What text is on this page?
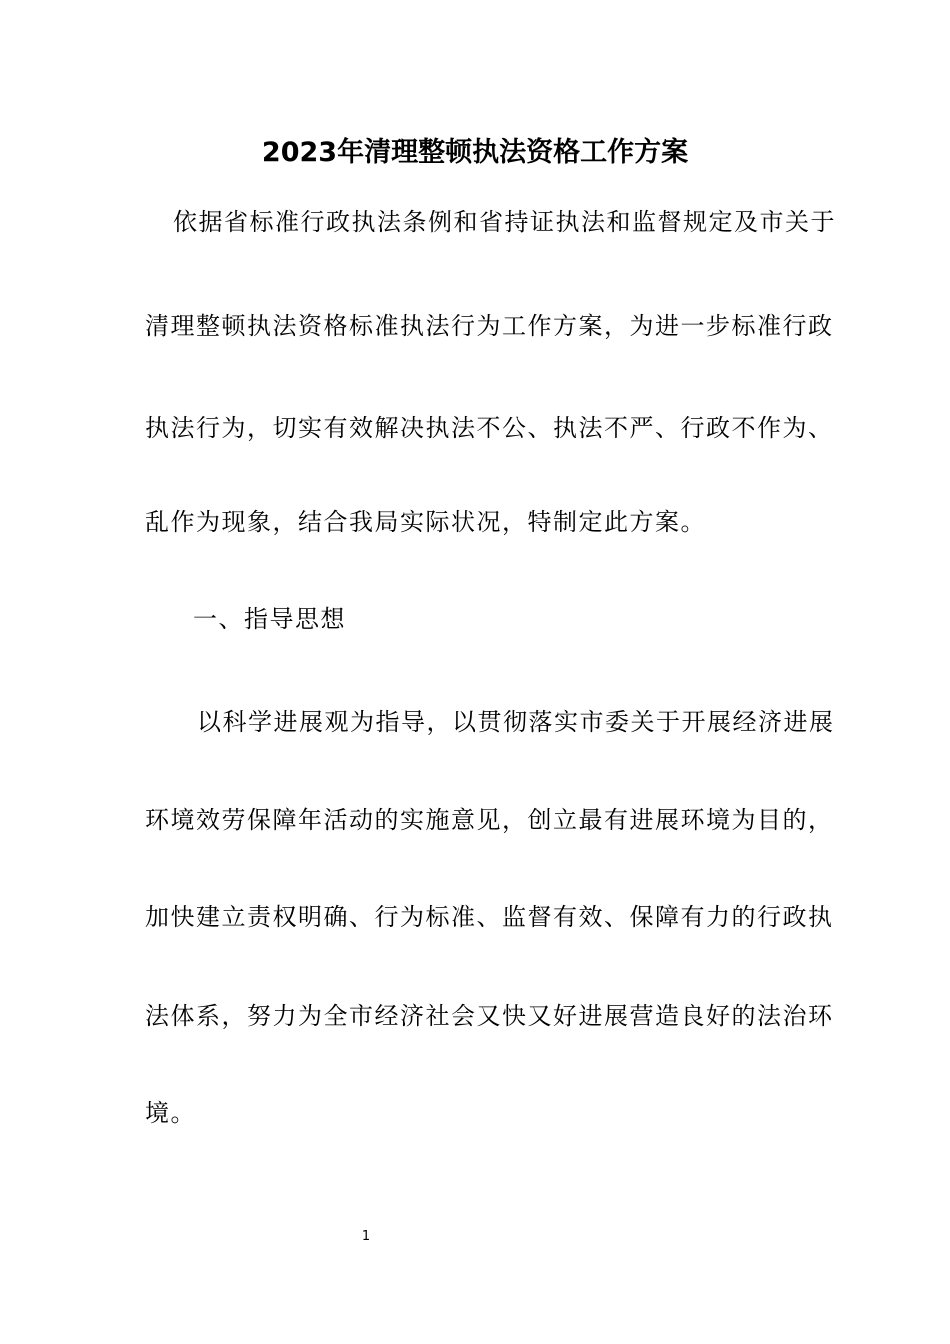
2023年清理整顿执法资格工作方案
依据省标准行政执法条例和省持证执法和监督规定及市关于
清理整顿执法资格标准执法行为工作方案，为进一步标准行政
执法行为，切实有效解决执法不公、执法不严、行政不作为、
乱作为现象，结合我局实际状况，特制定此方案。
一、指导思想
以科学进展观为指导，以贯彻落实市委关于开展经济进展
环境效劳保障年活动的实施意见，创立最有进展环境为目的，
加快建立责权明确、行为标准、监督有效、保障有力的行政执
法体系，努力为全市经济社会又快又好进展营造良好的法治环
境。
1
